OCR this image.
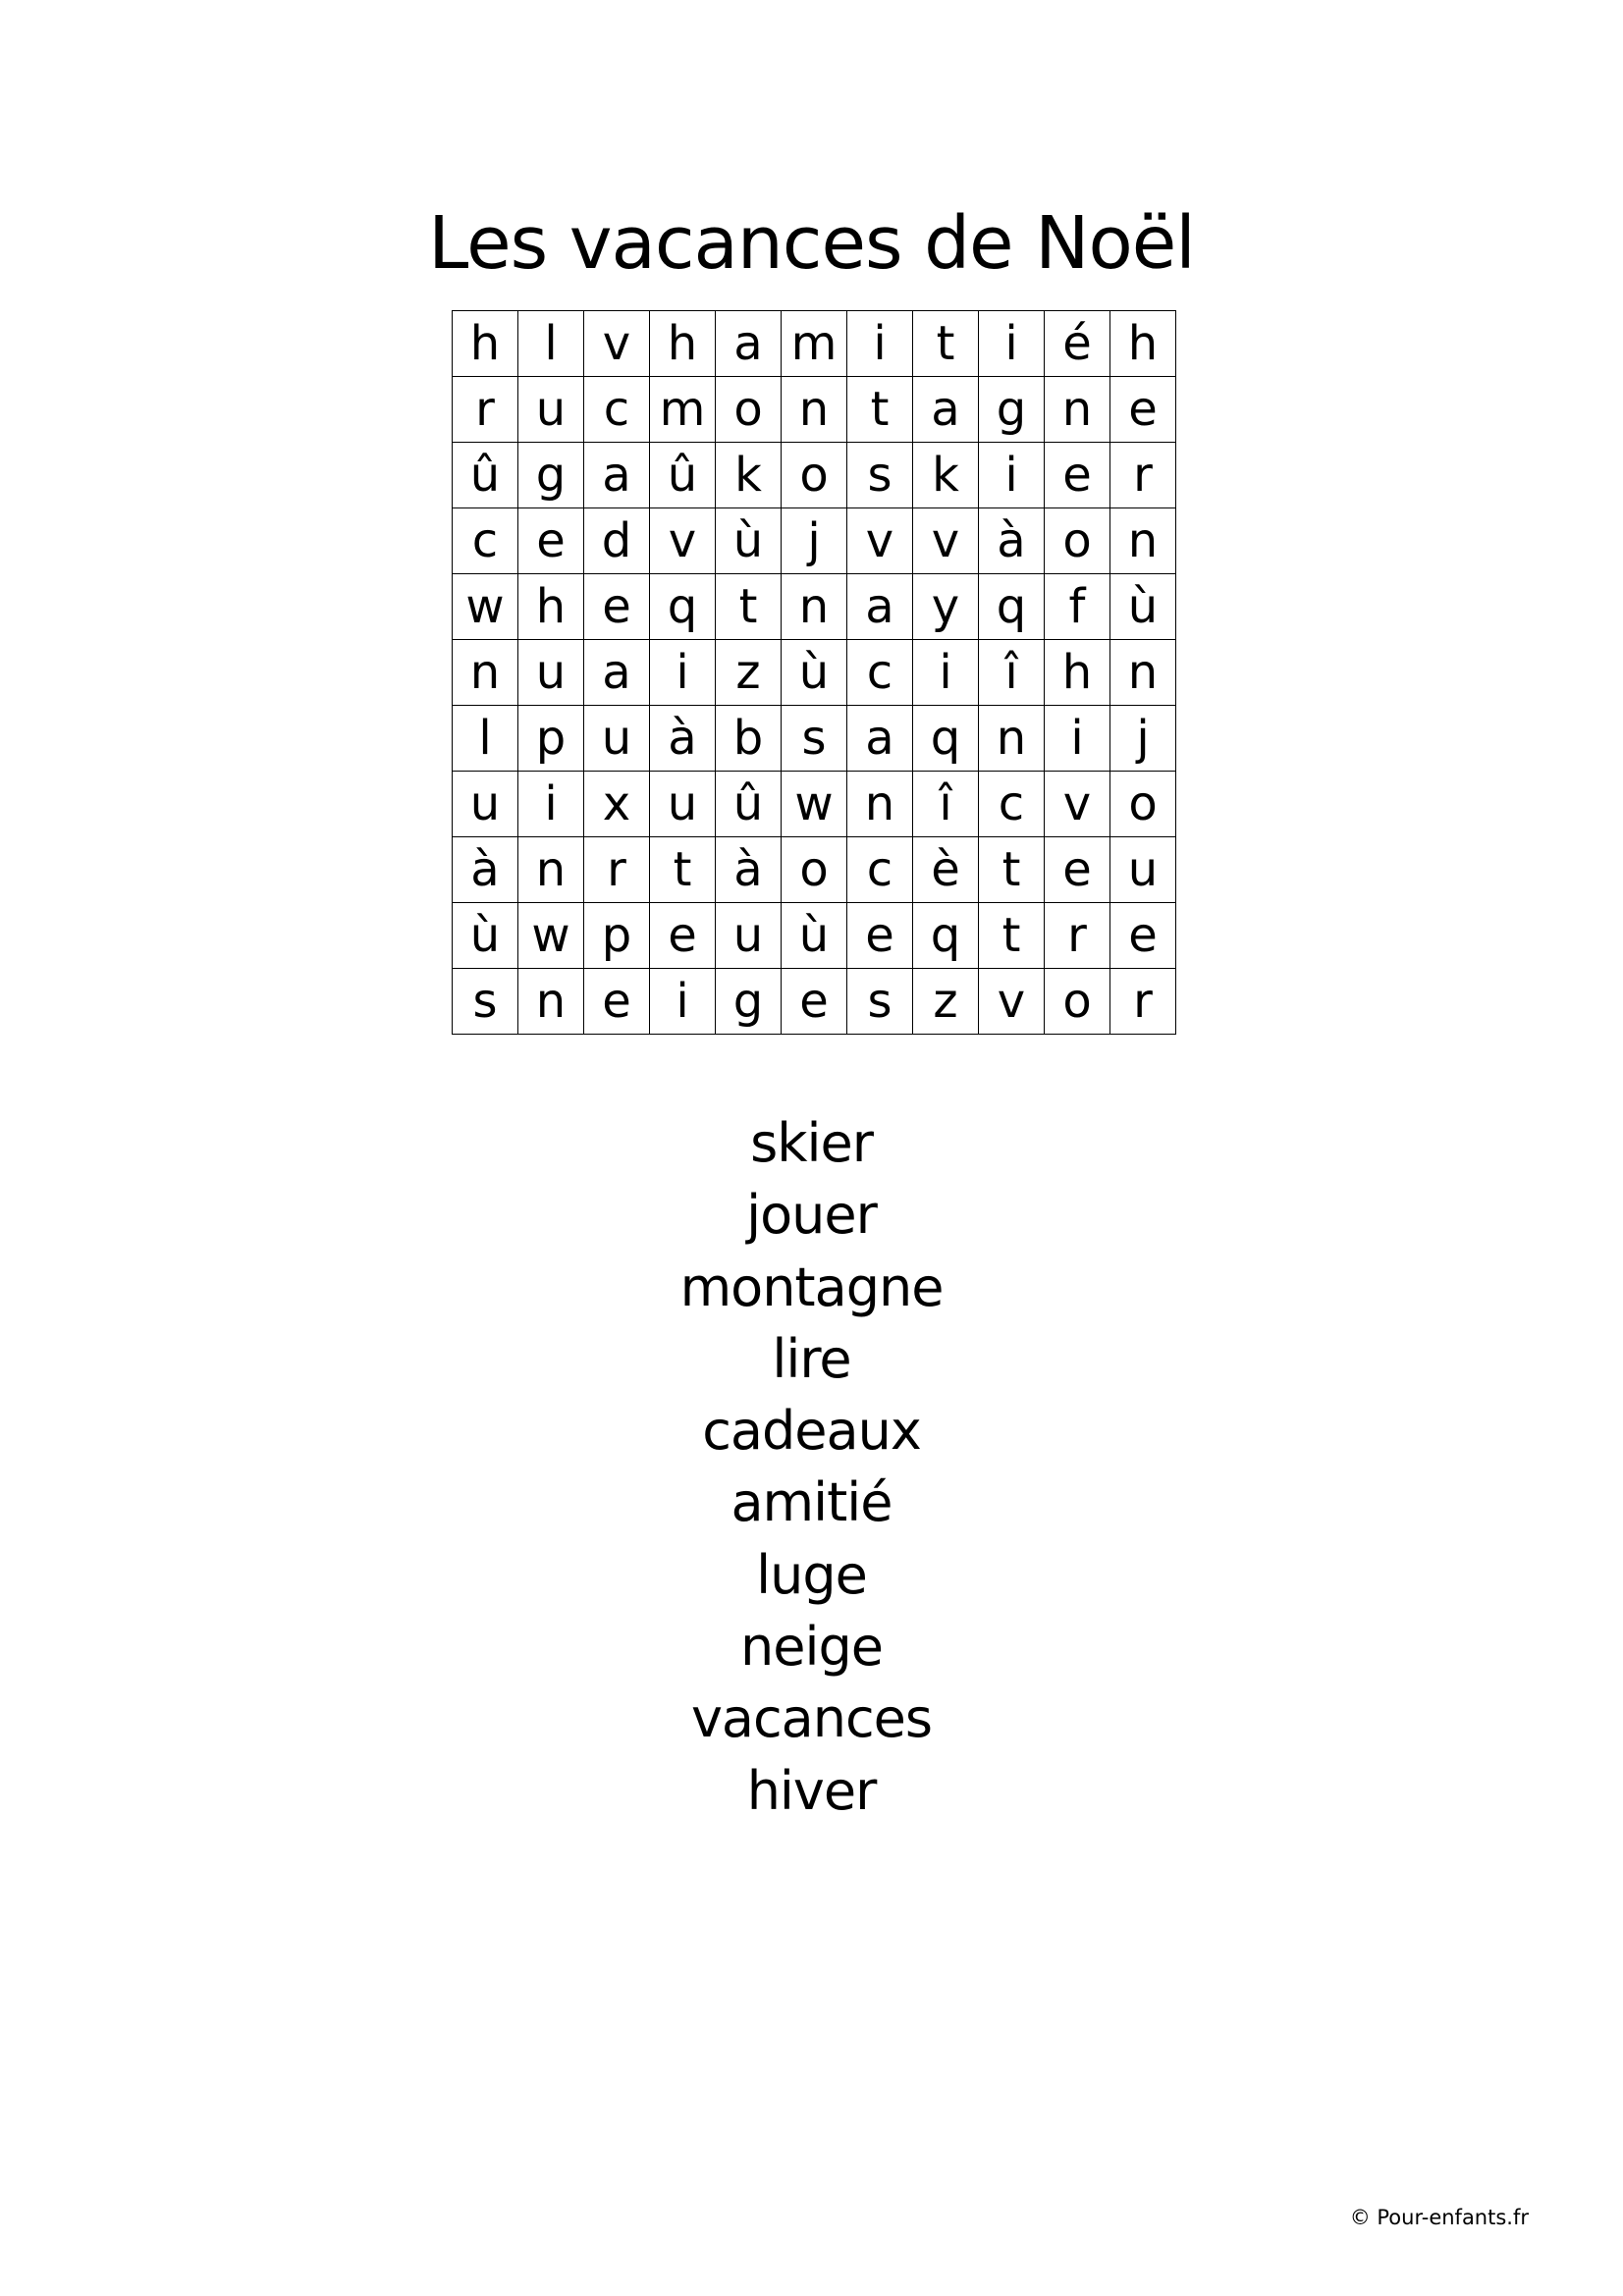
Les vacances de Noël
h	l	v	h	a	m	i	t	i	é	h
r	u	c	m	o	n	t	a	g	n	e
û	g	a	û	k	o	s	k	i	e	r
c	e	d	v	ù	j	v	v	à	o	n
w	h	e	q	t	n	a	y	q	f	ù
n	u	a	i	z	ù	c	i	î	h	n
l	p	u	à	b	s	a	q	n	i	j
u	i	x	u	û	w	n	î	c	v	o
à	n	r	t	à	o	c	è	t	e	u
ù	w	p	e	u	ù	e	q	t	r	e
s	n	e	i	g	e	s	z	v	o	r
skier
jouer
montagne
lire
cadeaux
amitié
luge
neige
vacances
hiver
© Pour-enfants.fr
